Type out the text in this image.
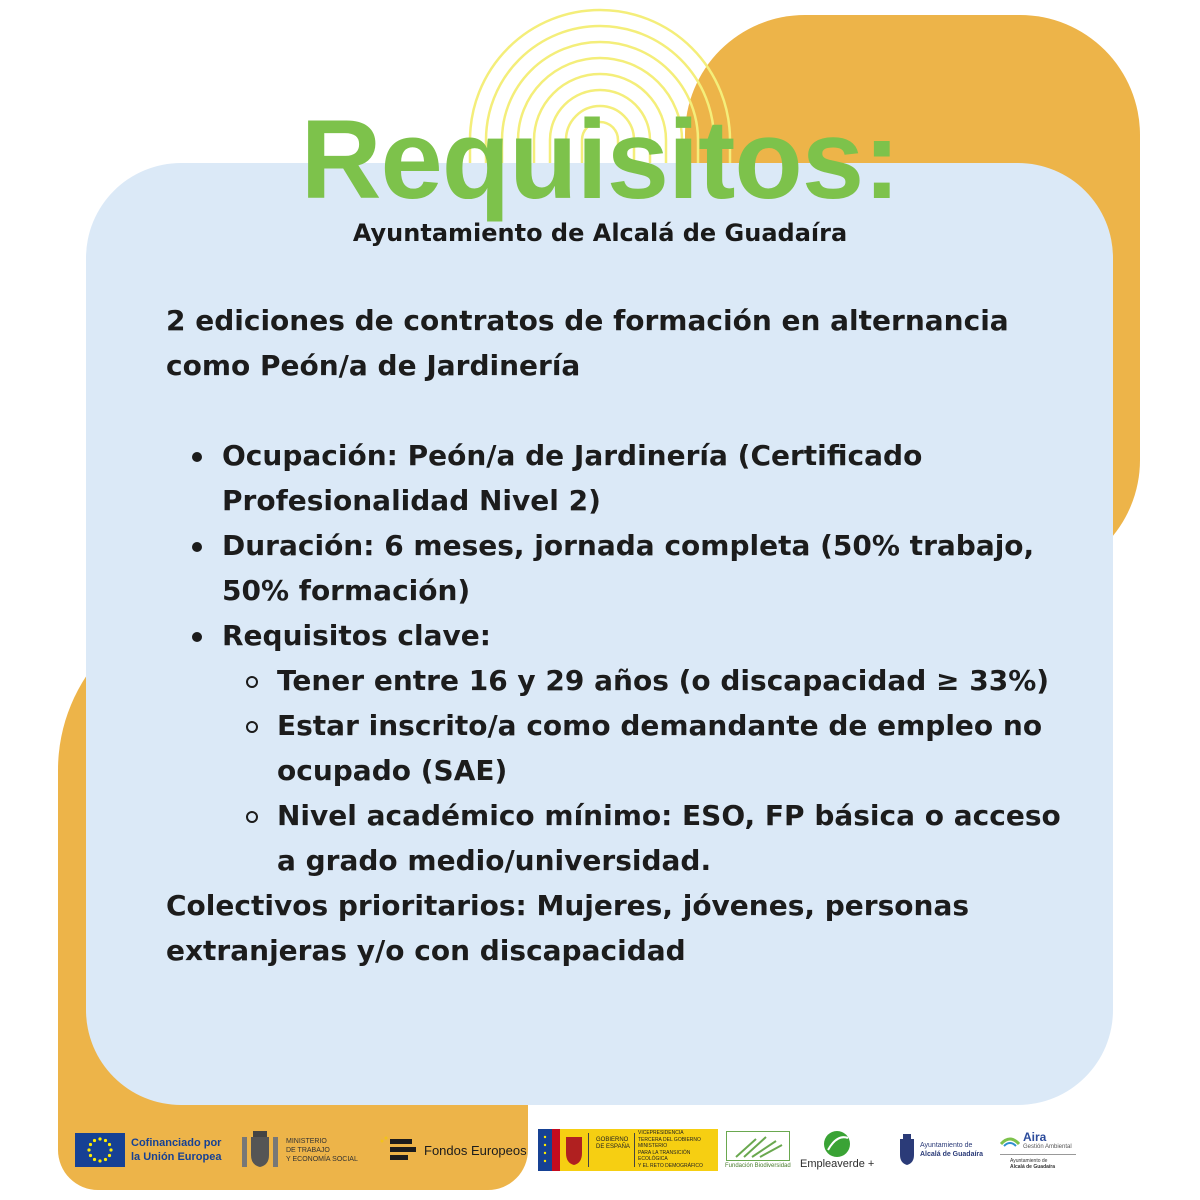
Requisitos:
Ayuntamiento de Alcalá de Guadaíra

2 ediciones de contratos de formación en alternancia como Peón/a de Jardinería

Ocupación: Peón/a de Jardinería (Certificado Profesionalidad Nivel 2)
Duración: 6 meses, jornada completa (50% trabajo, 50% formación)
Requisitos clave:
Tener entre 16 y 29 años (o discapacidad ≥ 33%)
Estar inscrito/a como demandante de empleo no ocupado (SAE)
Nivel académico mínimo: ESO, FP básica o acceso a grado medio/universidad.

Colectivos prioritarios: Mujeres, jóvenes, personas extranjeras y/o con discapacidad

Cofinanciado por
la Unión Europea
MINISTERIO
DE TRABAJO
Y ECONOMÍA SOCIAL
Fondos Europeos
GOBIERNO
DE ESPAÑA
VICEPRESIDENCIA
TERCERA DEL GOBIERNO
MINISTERIO
PARA LA TRANSICIÓN ECOLÓGICA
Y EL RETO DEMOGRÁFICO	Fundación Biodiversidad Empleaverde +
Ayuntamiento de
Alcalá de Guadaíra
Aira
Gestión Ambiental
Ayuntamiento de
Alcalá de Guadaíra
